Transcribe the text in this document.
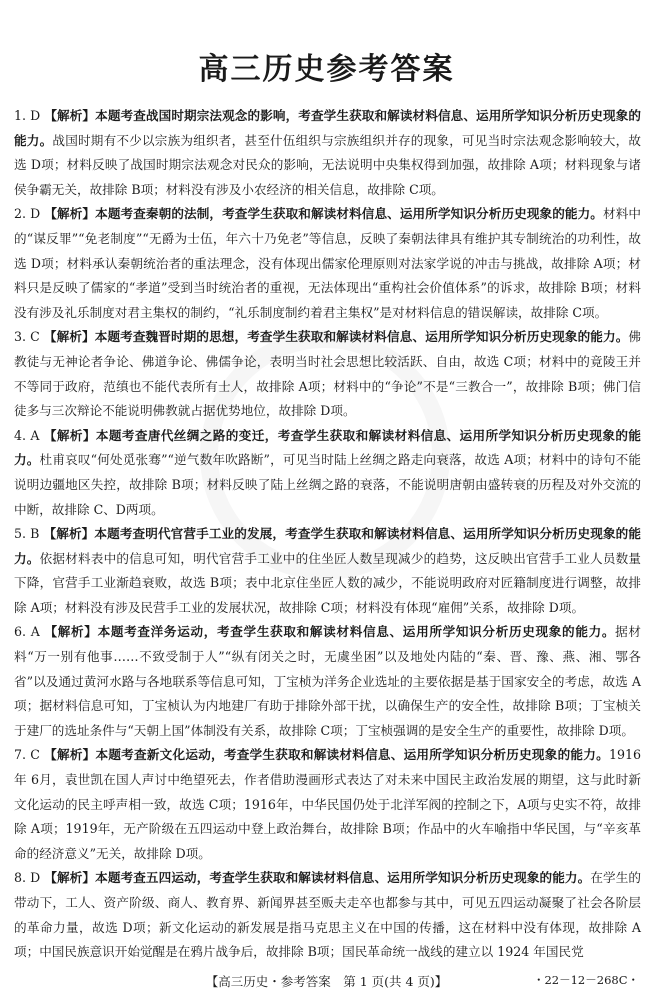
高三历史参考答案
1. D 【解析】本题考查战国时期宗法观念的影响，考查学生获取和解读材料信息、运用所学知识分析历史现象的能力。战国时期有不少以宗族为组织者，甚至什伍组织与宗族组织并存的现象，可见当时宗法观念影响较大，故选 D项；材料反映了战国时期宗法观念对民众的影响，无法说明中央集权得到加强，故排除 A项；材料现象与诸侯争霸无关，故排除 B项；材料没有涉及小农经济的相关信息，故排除 C项。
2. D 【解析】本题考查秦朝的法制，考查学生获取和解读材料信息、运用所学知识分析历史现象的能力。材料中的“谋反罪”“免老制度”“无爵为士伍，年六十乃免老”等信息，反映了秦朝法律具有维护其专制统治的功利性，故选 D项；材料承认秦朝统治者的重法理念，没有体现出儒家伦理原则对法家学说的冲击与挑战，故排除 A项；材料只是反映了儒家的“孝道”受到当时统治者的重视，无法体现出“重构社会价值体系”的诉求，故排除 B项；材料没有涉及礼乐制度对君主集权的制约，“礼乐制度制约着君主集权”是对材料信息的错误解读，故排除 C项。
3. C 【解析】本题考查魏晋时期的思想，考查学生获取和解读材料信息、运用所学知识分析历史现象的能力。佛教徒与无神论者争论、佛道争论、佛儒争论，表明当时社会思想比较活跃、自由，故选 C项；材料中的竟陵王并不等同于政府，范缜也不能代表所有士人，故排除 A项；材料中的“争论”不是“三教合一”，故排除 B项；佛门信徒多与三次辩论不能说明佛教就占据优势地位，故排除 D项。
4. A 【解析】本题考查唐代丝绸之路的变迁，考查学生获取和解读材料信息、运用所学知识分析历史现象的能力。杜甫哀叹“何处觅张骞”“逆气数年吹路断”，可见当时陆上丝绸之路走向衰落，故选 A项；材料中的诗句不能说明边疆地区失控，故排除 B项；材料反映了陆上丝绸之路的衰落，不能说明唐朝由盛转衰的历程及对外交流的中断，故排除 C、D两项。
5. B 【解析】本题考查明代官营手工业的发展，考查学生获取和解读材料信息、运用所学知识分析历史现象的能力。依据材料表中的信息可知，明代官营手工业中的住坐匠人数呈现减少的趋势，这反映出官营手工业人员数量下降，官营手工业渐趋衰败，故选 B项；表中北京住坐匠人数的减少，不能说明政府对匠籍制度进行调整，故排除 A项；材料没有涉及民营手工业的发展状况，故排除 C项；材料没有体现“雇佣”关系，故排除 D项。
6. A 【解析】本题考查洋务运动，考查学生获取和解读材料信息、运用所学知识分析历史现象的能力。据材料“万一别有他事……不致受制于人”“纵有闭关之时，无虞坐困”以及地处内陆的“秦、晋、豫、燕、湘、鄂各省”以及通过黄河水路与各地联系等信息可知，丁宝桢为洋务企业选址的主要依据是基于国家安全的考虑，故选 A项；据材料信息可知，丁宝桢认为内地建厂有助于排除外部干扰，以确保生产的安全性，故排除 B项；丁宝桢关于建厂的选址条件与“天朝上国”体制没有关系，故排除 C项；丁宝桢强调的是安全生产的重要性，故排除 D项。
7. C 【解析】本题考查新文化运动，考查学生获取和解读材料信息、运用所学知识分析历史现象的能力。1916年 6月，袁世凯在国人声讨中绝望死去，作者借助漫画形式表达了对未来中国民主政治发展的期望，这与此时新文化运动的民主呼声相一致，故选 C项；1916年，中华民国仍处于北洋军阀的控制之下，A项与史实不符，故排除 A项；1919年，无产阶级在五四运动中登上政治舞台，故排除 B项；作品中的火车喻指中华民国，与“辛亥革命的经济意义”无关，故排除 D项。
8. D 【解析】本题考查五四运动，考查学生获取和解读材料信息、运用所学知识分析历史现象的能力。在学生的带动下，工人、资产阶级、商人、教育界、新闻界甚至贩夫走卒也都参与其中，可见五四运动凝聚了社会各阶层的革命力量，故选 D项；新文化运动的新发展是指马克思主义在中国的传播，这在材料中没有体现，故排除 A项；中国民族意识开始觉醒是在鸦片战争后，故排除 B项；国民革命统一战线的建立以 1924 年国民党
【高三历史・参考答案　第 1 页(共 4 页)】	・22－12－268C・
